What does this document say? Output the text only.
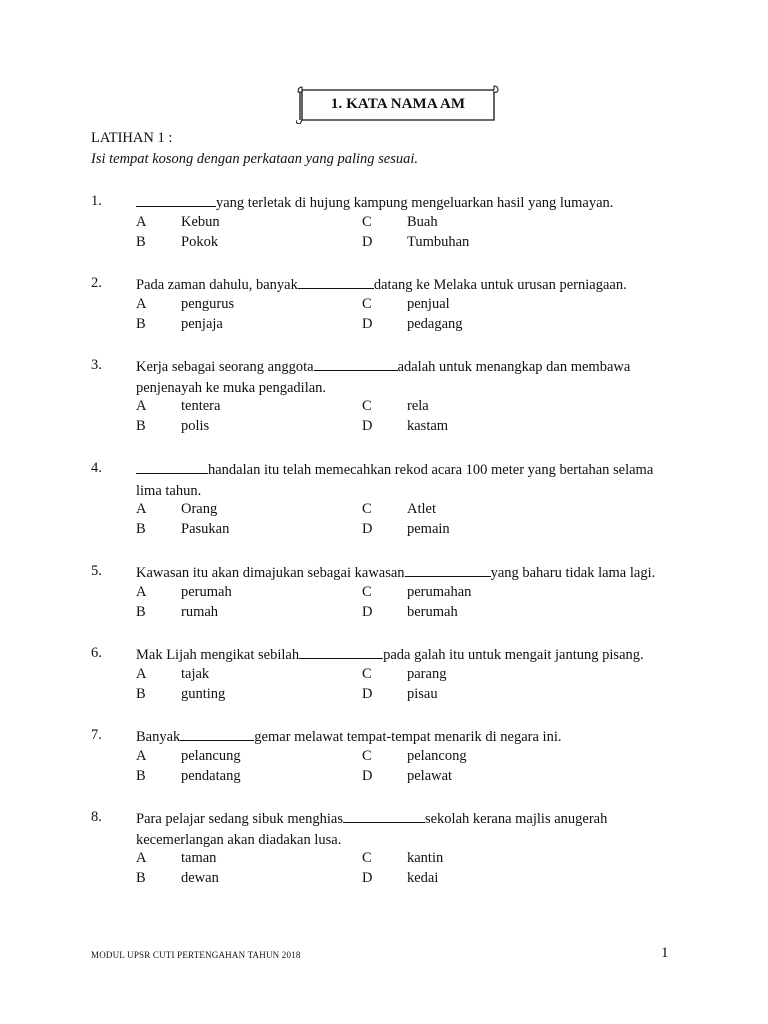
1. KATA NAMA AM
LATIHAN 1 :
Isi tempat kosong dengan perkataan yang paling sesuai.
1.	yang terletak di hujung kampung mengeluarkan hasil yang lumayan.
A Kebun	C Buah
B Pokok	D Tumbuhan
2. Pada zaman dahulu, banyak	datang ke Melaka untuk urusan perniagaan.
A pengurus	C penjual
B penjaja	D pedagang
3. Kerja sebagai seorang anggota	adalah untuk menangkap dan membawa
penjenayah ke muka pengadilan.
A tentera	C rela
B polis	D kastam
4.	handalan itu telah memecahkan rekod acara 100 meter yang bertahan selama
lima tahun.
A Orang	C Atlet
B Pasukan	D pemain
5. Kawasan itu akan dimajukan sebagai kawasan	yang baharu tidak lama lagi.
A perumah	C perumahan
B rumah	D berumah
6. Mak Lijah mengikat sebilah	pada galah itu untuk mengait jantung pisang.
A tajak	C parang
B gunting	D pisau
7. Banyak	gemar melawat tempat-tempat menarik di negara ini.
A pelancung	C pelancong
B pendatang	D pelawat
8. Para pelajar sedang sibuk menghias	sekolah kerana majlis anugerah
kecemerlangan akan diadakan lusa.
A taman	C kantin
B dewan	D kedai
MODUL UPSR CUTI PERTENGAHAN TAHUN 2018	1
